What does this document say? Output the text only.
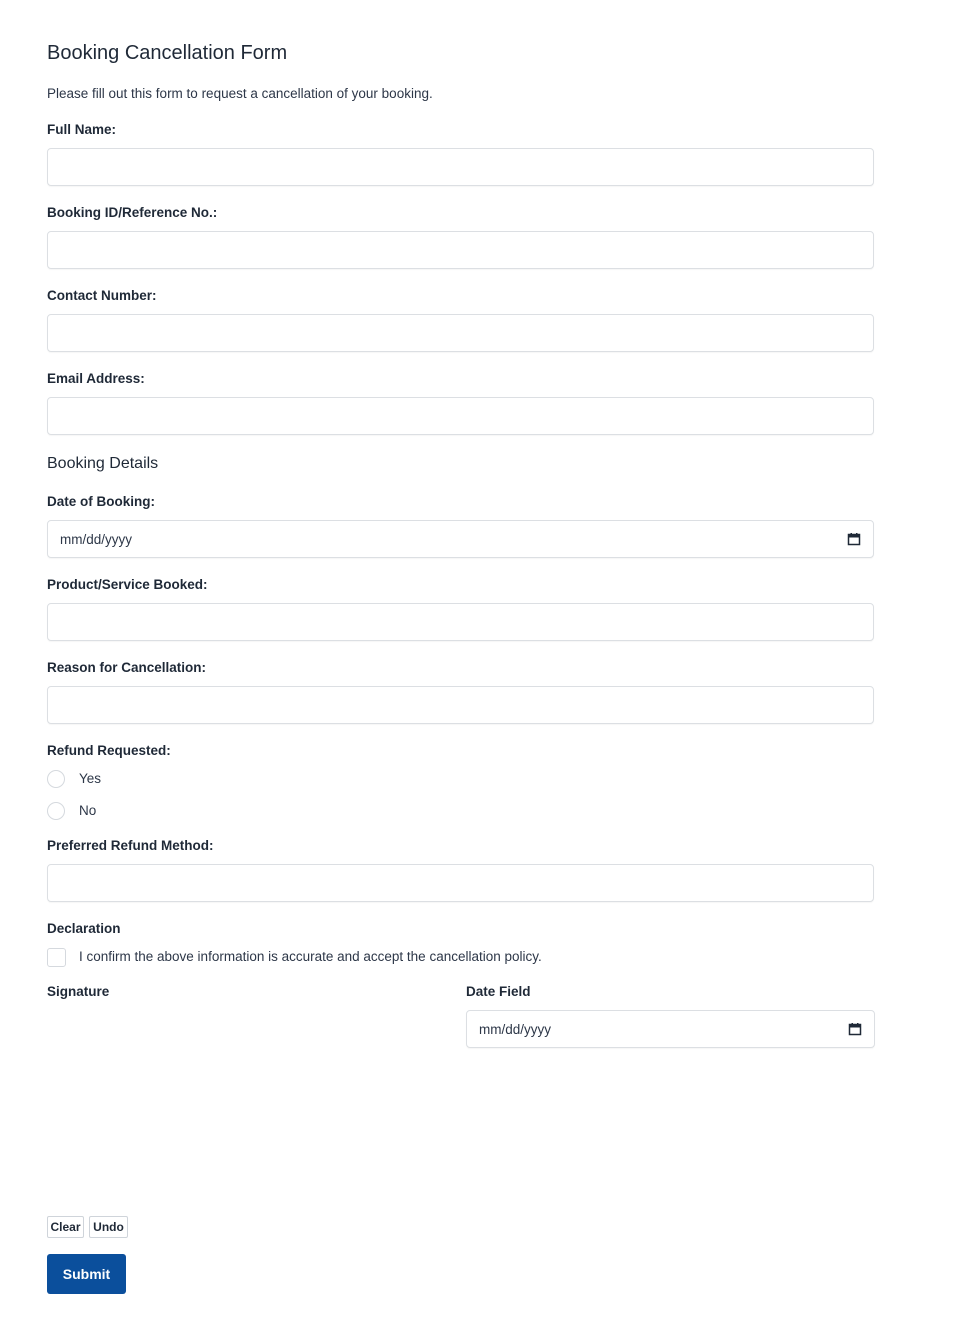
Booking Cancellation Form
Please fill out this form to request a cancellation of your booking.
Full Name:
Booking ID/Reference No.:
Contact Number:
Email Address:
Booking Details
Date of Booking:
mm/dd/yyyy
Product/Service Booked:
Reason for Cancellation:
Refund Requested:
Yes
No
Preferred Refund Method:
Declaration
I confirm the above information is accurate and accept the cancellation policy.
Signature	Date Field
mm/dd/yyyy
Clear	Undo
Submit
